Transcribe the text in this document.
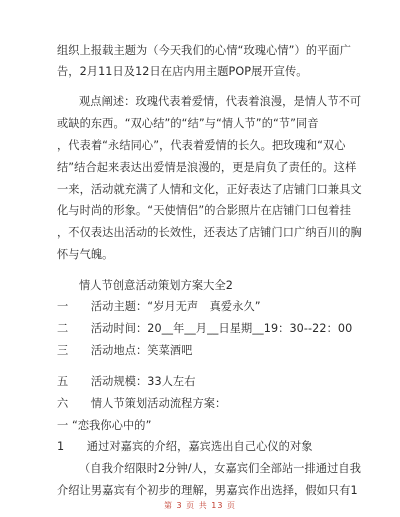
组织上报载主题为（今天我们的心情“玫瑰心情”）的平面广
告，2月11日及12日在店内用主题POP展开宣传。
观点阐述：玫瑰代表着爱情，代表着浪漫，是情人节不可
或缺的东西。“双心结”的“结”与“情人节”的“节”同音
，代表着“永结同心”，代表着爱情的长久。把玫瑰和“双心
结”结合起来表达出爱情是浪漫的，更是肩负了责任的。这样
一来，活动就充满了人情和文化，正好表达了店铺门口兼具文
化与时尚的形象。“天使情侣”的合影照片在店铺门口包着挂
，不仅表达出活动的长效性，还表达了店铺门口广纳百川的胸
怀与气魄。
情人节创意活动策划方案大全2
一　　活动主题：“岁月无声　真爱永久”
二　　活动时间：20__年__月__日星期__19：30--22：00
三　　活动地点：笑菜酒吧
五　　活动规模：33人左右
六　　情人节策划活动流程方案：
一 “恋我你心中的”
1　　通过对嘉宾的介绍，嘉宾选出自己心仪的对象
（自我介绍限时2分钟/人，女嘉宾们全部站一排通过自我
介绍让男嘉宾有个初步的理解，男嘉宾作出选择，假如只有1
第 3 页 共 13 页
